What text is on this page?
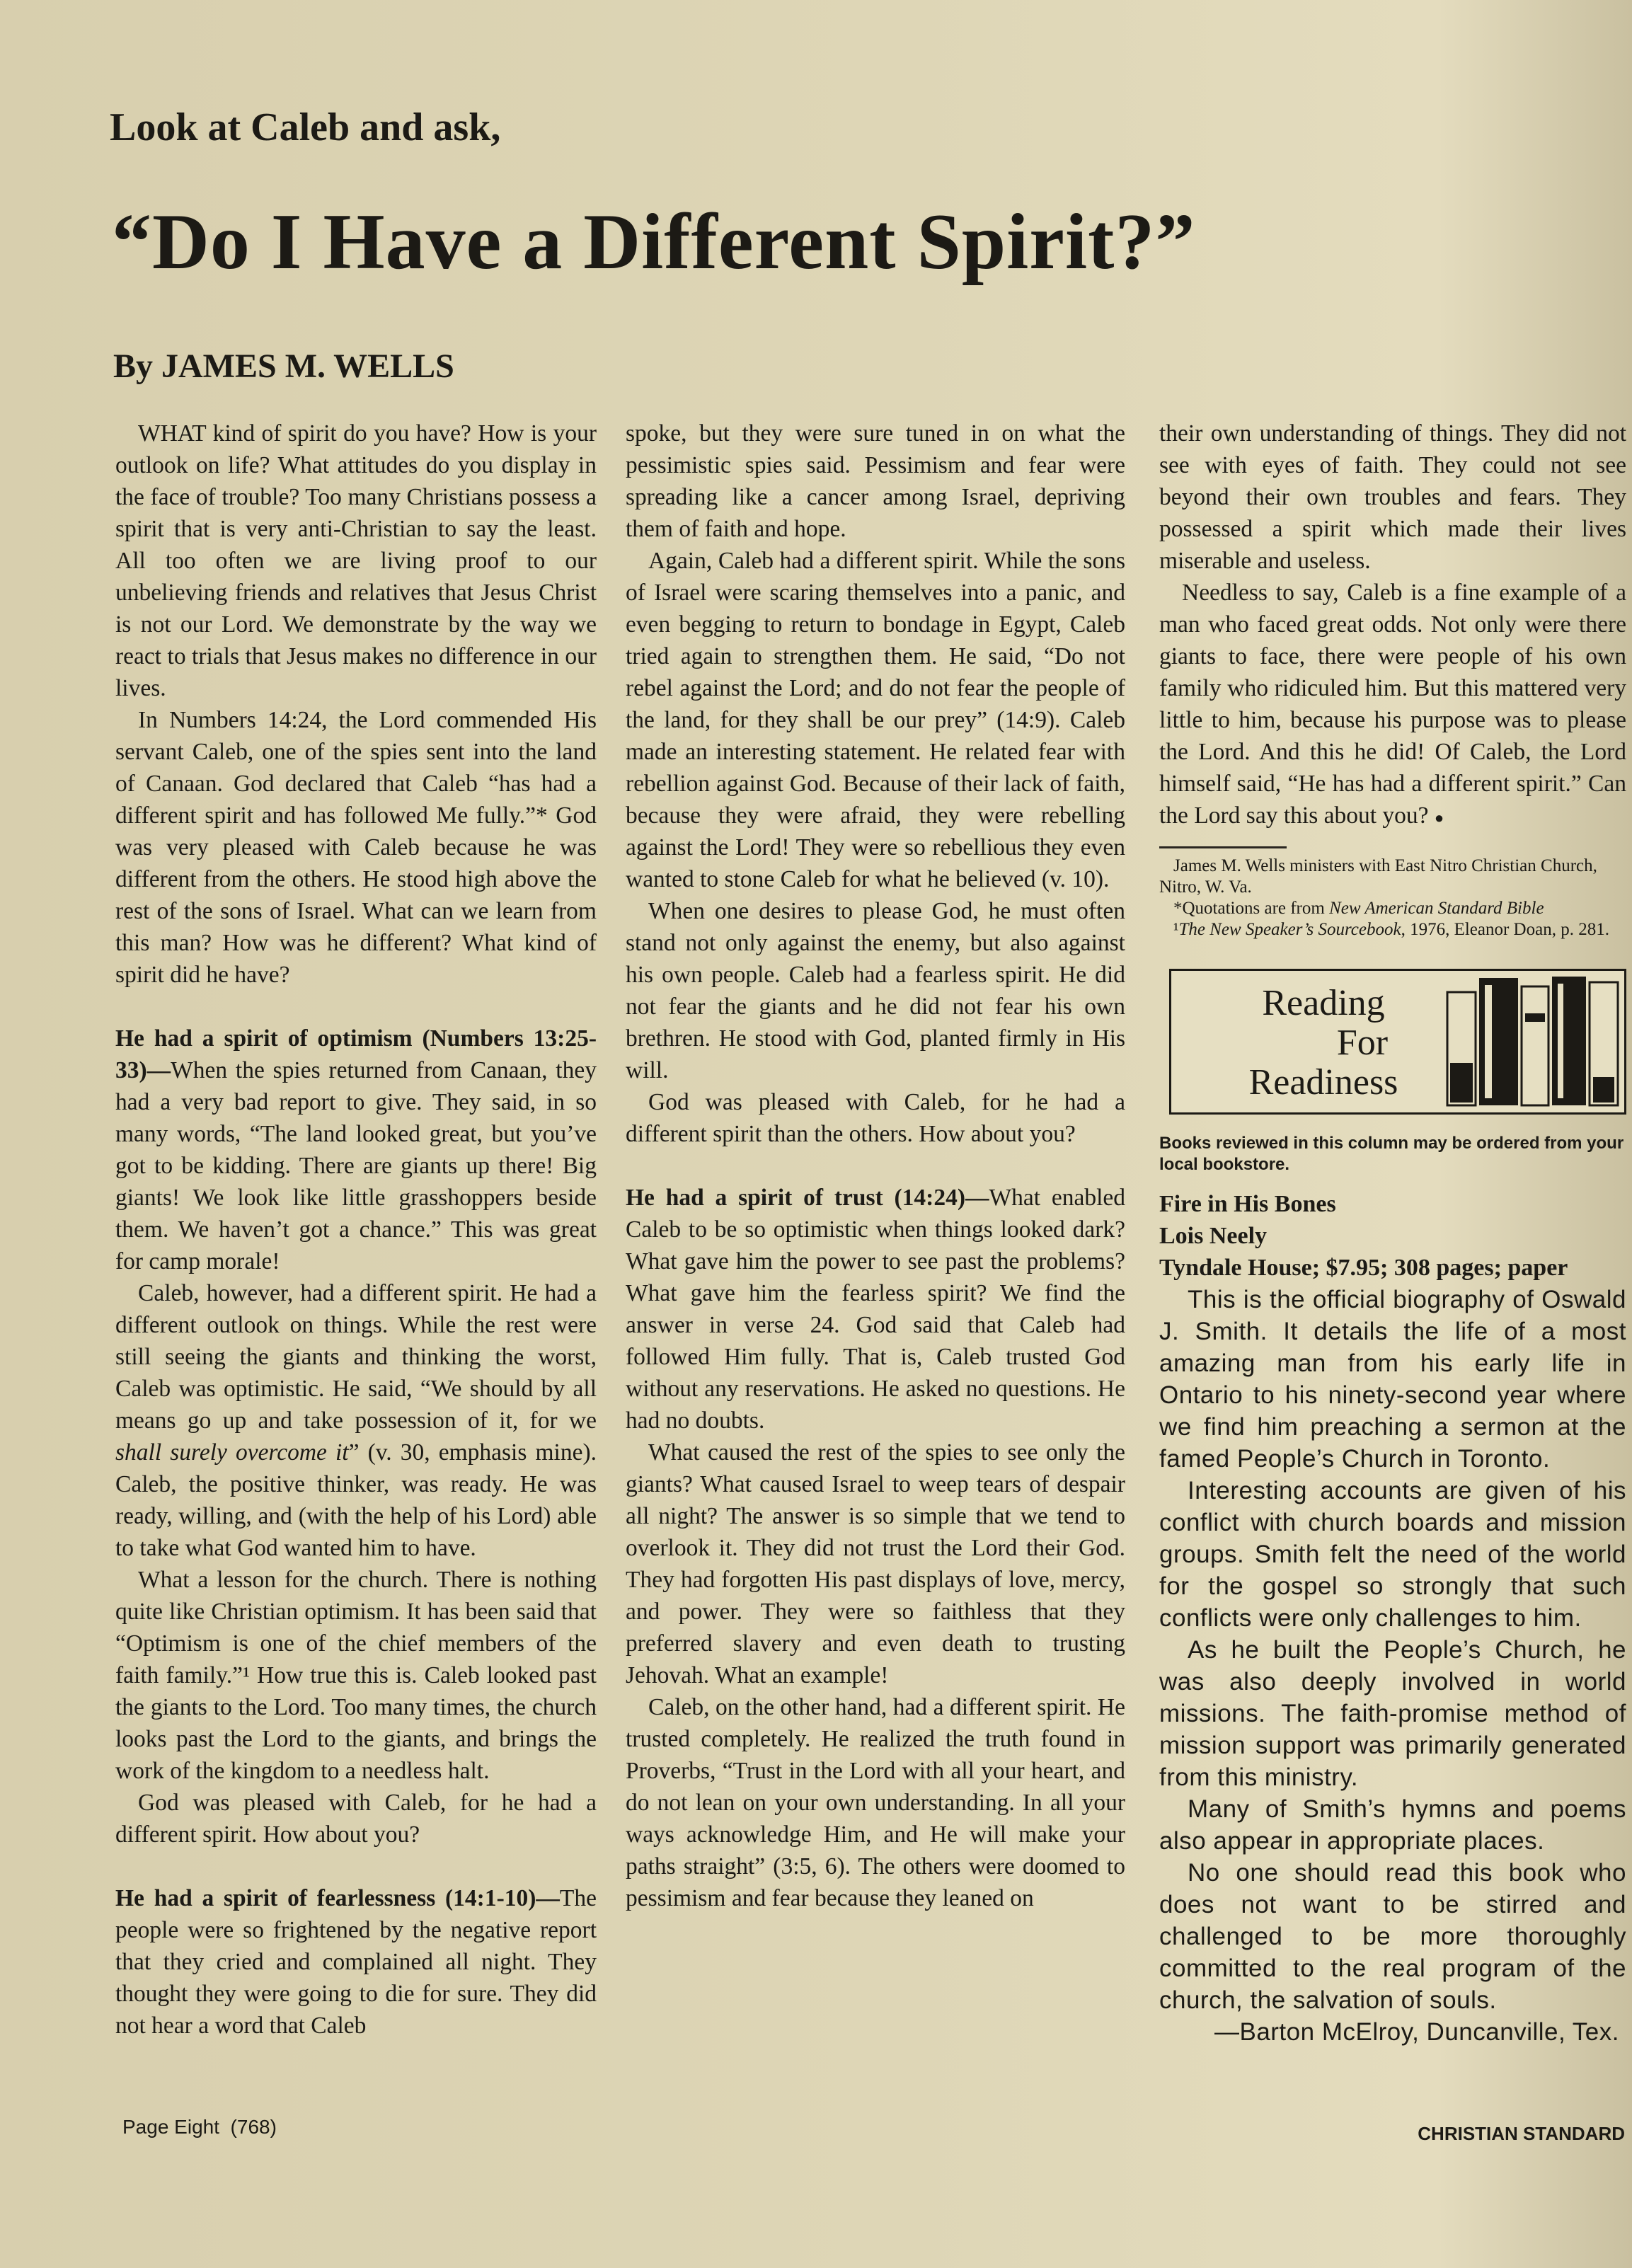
Look at Caleb and ask,
“Do I Have a Different Spirit?”
By JAMES M. WELLS

WHAT kind of spirit do you have? How is your outlook on life? What attitudes do you display in the face of trouble? Too many Christians possess a spirit that is very anti-Christian to say the least. All too often we are living proof to our unbelieving friends and relatives that Jesus Christ is not our Lord. We demonstrate by the way we react to trials that Jesus makes no difference in our lives.

In Numbers 14:24, the Lord commended His servant Caleb, one of the spies sent into the land of Canaan. God declared that Caleb “has had a different spirit and has followed Me fully.”* God was very pleased with Caleb because he was different from the others. He stood high above the rest of the sons of Israel. What can we learn from this man? How was he different? What kind of spirit did he have?

He had a spirit of optimism (Numbers 13:25-33)—When the spies returned from Canaan, they had a very bad report to give. They said, in so many words, “The land looked great, but you’ve got to be kidding. There are giants up there! Big giants! We look like little grasshoppers beside them. We haven’t got a chance.” This was great for camp morale!

Caleb, however, had a different spirit. He had a different outlook on things. While the rest were still seeing the giants and thinking the worst, Caleb was optimistic. He said, “We should by all means go up and take possession of it, for we shall surely overcome it” (v. 30, emphasis mine). Caleb, the positive thinker, was ready. He was ready, willing, and (with the help of his Lord) able to take what God wanted him to have.

What a lesson for the church. There is nothing quite like Christian optimism. It has been said that “Optimism is one of the chief members of the faith family.”¹ How true this is. Caleb looked past the giants to the Lord. Too many times, the church looks past the Lord to the giants, and brings the work of the kingdom to a needless halt.

God was pleased with Caleb, for he had a different spirit. How about you?

He had a spirit of fearlessness (14:1-10)—The people were so frightened by the negative report that they cried and complained all night. They thought they were going to die for sure. They did not hear a word that Caleb

spoke, but they were sure tuned in on what the pessimistic spies said. Pessimism and fear were spreading like a cancer among Israel, depriving them of faith and hope.

Again, Caleb had a different spirit. While the sons of Israel were scaring themselves into a panic, and even begging to return to bondage in Egypt, Caleb tried again to strengthen them. He said, “Do not rebel against the Lord; and do not fear the people of the land, for they shall be our prey” (14:9). Caleb made an interesting statement. He related fear with rebellion against God. Because of their lack of faith, because they were afraid, they were rebelling against the Lord! They were so rebellious they even wanted to stone Caleb for what he believed (v. 10).

When one desires to please God, he must often stand not only against the enemy, but also against his own people. Caleb had a fearless spirit. He did not fear the giants and he did not fear his own brethren. He stood with God, planted firmly in His will.

God was pleased with Caleb, for he had a different spirit than the others. How about you?

He had a spirit of trust (14:24)—What enabled Caleb to be so optimistic when things looked dark? What gave him the power to see past the problems? What gave him the fearless spirit? We find the answer in verse 24. God said that Caleb had followed Him fully. That is, Caleb trusted God without any reservations. He asked no questions. He had no doubts.

What caused the rest of the spies to see only the giants? What caused Israel to weep tears of despair all night? The answer is so simple that we tend to overlook it. They did not trust the Lord their God. They had forgotten His past displays of love, mercy, and power. They were so faithless that they preferred slavery and even death to trusting Jehovah. What an example!

Caleb, on the other hand, had a different spirit. He trusted completely. He realized the truth found in Proverbs, “Trust in the Lord with all your heart, and do not lean on your own understanding. In all your ways acknowledge Him, and He will make your paths straight” (3:5, 6). The others were doomed to pessimism and fear because they leaned on

their own understanding of things. They did not see with eyes of faith. They could not see beyond their own troubles and fears. They possessed a spirit which made their lives miserable and useless.

Needless to say, Caleb is a fine example of a man who faced great odds. Not only were there giants to face, there were people of his own family who ridiculed him. But this mattered very little to him, because his purpose was to please the Lord. And this he did! Of Caleb, the Lord himself said, “He has had a different spirit.” Can the Lord say this about you? ●

James M. Wells ministers with East Nitro Christian Church, Nitro, W. Va.

*Quotations are from New American Standard Bible

¹The New Speaker’s Sourcebook, 1976, Eleanor Doan, p. 281.

Reading
For
Readiness
Books reviewed in this column may be ordered from your local bookstore.
Fire in His Bones
Lois Neely
Tyndale House; $7.95; 308 pages; paper

This is the official biography of Oswald J. Smith. It details the life of a most amazing man from his early life in Ontario to his ninety-second year where we find him preaching a sermon at the famed People’s Church in Toronto.

Interesting accounts are given of his conflict with church boards and mission groups. Smith felt the need of the world for the gospel so strongly that such conflicts were only challenges to him.

As he built the People’s Church, he was also deeply involved in world missions. The faith-promise method of mission support was primarily generated from this ministry.

Many of Smith’s hymns and poems also appear in appropriate places.

No one should read this book who does not want to be stirred and challenged to be more thoroughly committed to the real program of the church, the salvation of souls.

—Barton McElroy, Duncanville, Tex.

Page Eight  (768)	CHRISTIAN STANDARD
